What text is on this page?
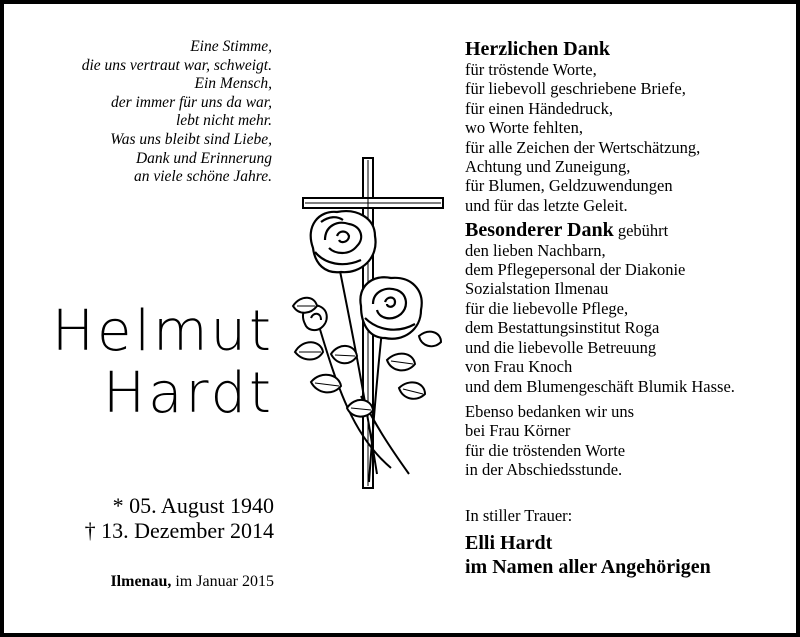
Eine Stimme,
die uns vertraut war, schweigt.
Ein Mensch,
der immer für uns da war,
lebt nicht mehr.
Was uns bleibt sind Liebe,
Dank und Erinnerung
an viele schöne Jahre.
Helmut
Hardt
* 05. August 1940
† 13. Dezember 2014
Ilmenau, im Januar 2015
Herzlichen Dank
für tröstende Worte,
für liebevoll geschriebene Briefe,
für einen Händedruck,
wo Worte fehlten,
für alle Zeichen der Wertschätzung,
Achtung und Zuneigung,
für Blumen, Geldzuwendungen
und für das letzte Geleit.
Besonderer Dank gebührt
den lieben Nachbarn,
dem Pflegepersonal der Diakonie
Sozialstation Ilmenau
für die liebevolle Pflege,
dem Bestattungsinstitut Roga
und die liebevolle Betreuung
von Frau Knoch
und dem Blumengeschäft Blumik Hasse.
Ebenso bedanken wir uns
bei Frau Körner
für die tröstenden Worte
in der Abschiedsstunde.
In stiller Trauer:
Elli Hardt
im Namen aller Angehörigen
